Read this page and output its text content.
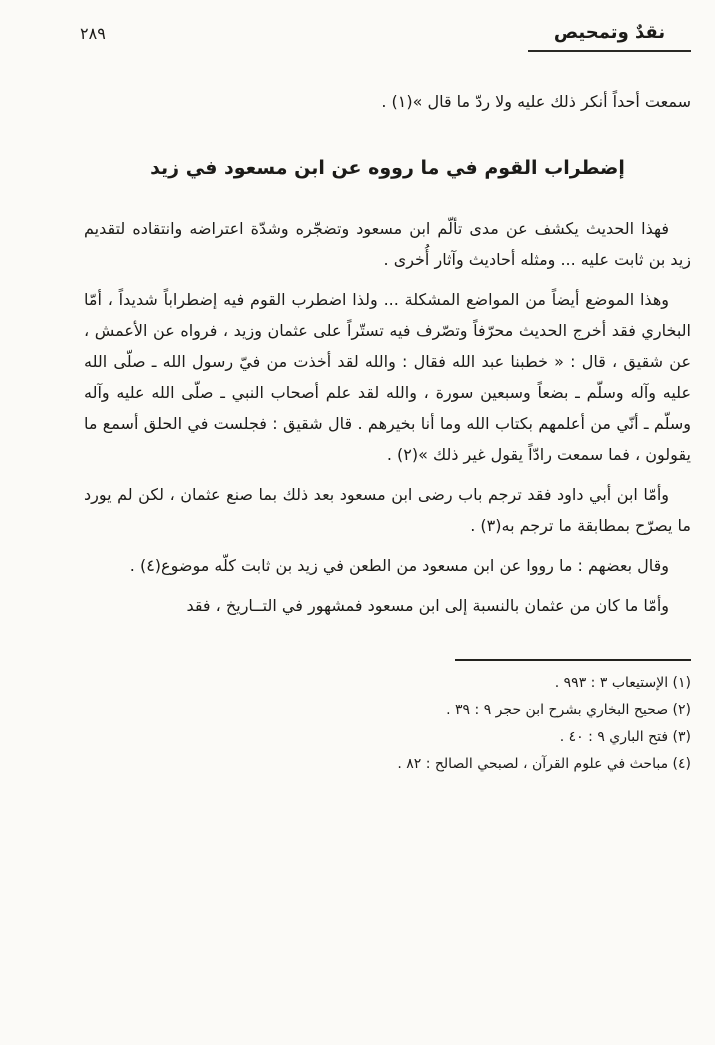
نقدٌ وتمحيص
٢٨٩

سمعت أحداً أنكر ذلك عليه ولا ردّ ما قال »(١) .

إضطراب القوم في ما رووه عن ابن مسعود في زيد

فهذا الحديث يكشف عن مدى تألّم ابن مسعود وتضجّره وشدّة اعتراضه وانتقاده لتقديم زيد بن ثابت عليه ... ومثله أحاديث وآثار أُخرى .

وهذا الموضع أيضاً من المواضع المشكلة ... ولذا اضطرب القوم فيه إضطراباً شديداً ، أمّا البخاري فقد أخرج الحديث محرّفاً وتصّرف فيه تستّراً على عثمان وزيد ، فرواه عن الأعمش ، عن شقيق ، قال : « خطبنا عبد الله فقال : والله لقد أخذت من فيّ رسول الله ـ صلّى الله عليه وآله وسلّم ـ بضعاً وسبعين سورة ، والله لقد علم أصحاب النبي ـ صلّى الله عليه وآله وسلّم ـ أنّي من أعلمهم بكتاب الله وما أنا بخيرهم . قال شقيق : فجلست في الحلق أسمع ما يقولون ، فما سمعت رادّاً يقول غير ذلك »(٢) .

وأمّا ابن أبي داود فقد ترجم باب رضى ابن مسعود بعد ذلك بما صنع عثمان ، لكن لم يورد ما يصرّح بمطابقة ما ترجم به(٣) .

وقال بعضهم : ما رووا عن ابن مسعود من الطعن في زيد بن ثابت كلّه موضوع(٤) .

وأمّا ما كان من عثمان بالنسبة إلى ابن مسعود فمشهور في التــاريخ ، فقد

(١) الإستيعاب ٣ : ٩٩٣ .
(٢) صحيح البخاري بشرح ابن حجر ٩ : ٣٩ .
(٣) فتح الباري ٩ : ٤٠ .
(٤) مباحث في علوم القرآن ، لصبحي الصالح : ٨٢ .
